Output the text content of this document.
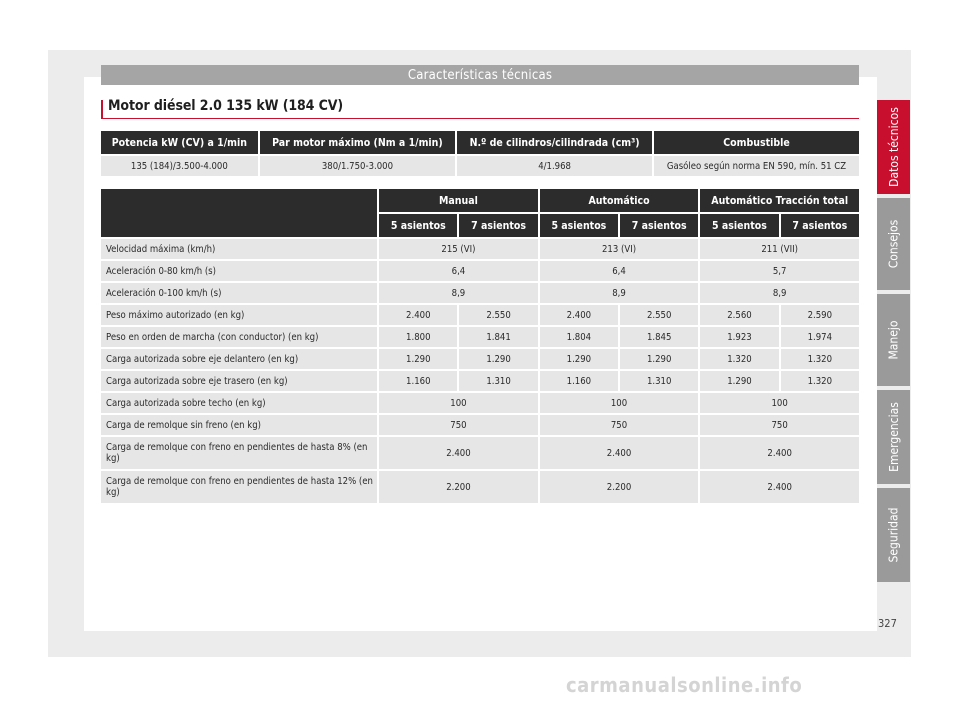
Características técnicas
Motor diésel 2.0 135 kW (184 CV)
Potencia kW (CV) a 1/min	Par motor máximo (Nm a 1/min)	N.º de cilindros/cilindrada (cm³)	Combustible
135 (184)/3.500-4.000	380/1.750-3.000	4/1.968	Gasóleo según norma EN 590, mín. 51 CZ
	Manual		Automático		Automático Tracción total	
	5 asientos	7 asientos	5 asientos	7 asientos	5 asientos	7 asientos
Velocidad máxima (km/h)	215 (VI)		213 (VI)		211 (VII)	
Aceleración 0-80 km/h (s)	6,4		6,4		5,7	
Aceleración 0-100 km/h (s)	8,9		8,9		8,9	
Peso máximo autorizado (en kg)	2.400	2.550	2.400	2.550	2.560	2.590
Peso en orden de marcha (con conductor) (en kg)	1.800	1.841	1.804	1.845	1.923	1.974
Carga autorizada sobre eje delantero (en kg)	1.290	1.290	1.290	1.290	1.320	1.320
Carga autorizada sobre eje trasero (en kg)	1.160	1.310	1.160	1.310	1.290	1.320
Carga autorizada sobre techo (en kg)	100		100		100	
Carga de remolque sin freno (en kg)	750		750		750	
Carga de remolque con freno en pendientes de hasta 8% (en kg)	2.400		2.400		2.400	
Carga de remolque con freno en pendientes de hasta 12% (en kg)	2.200		2.200		2.400	
Datos técnicos
Consejos
Manejo
Emergencias
Seguridad
327
carmanualsonline.info
